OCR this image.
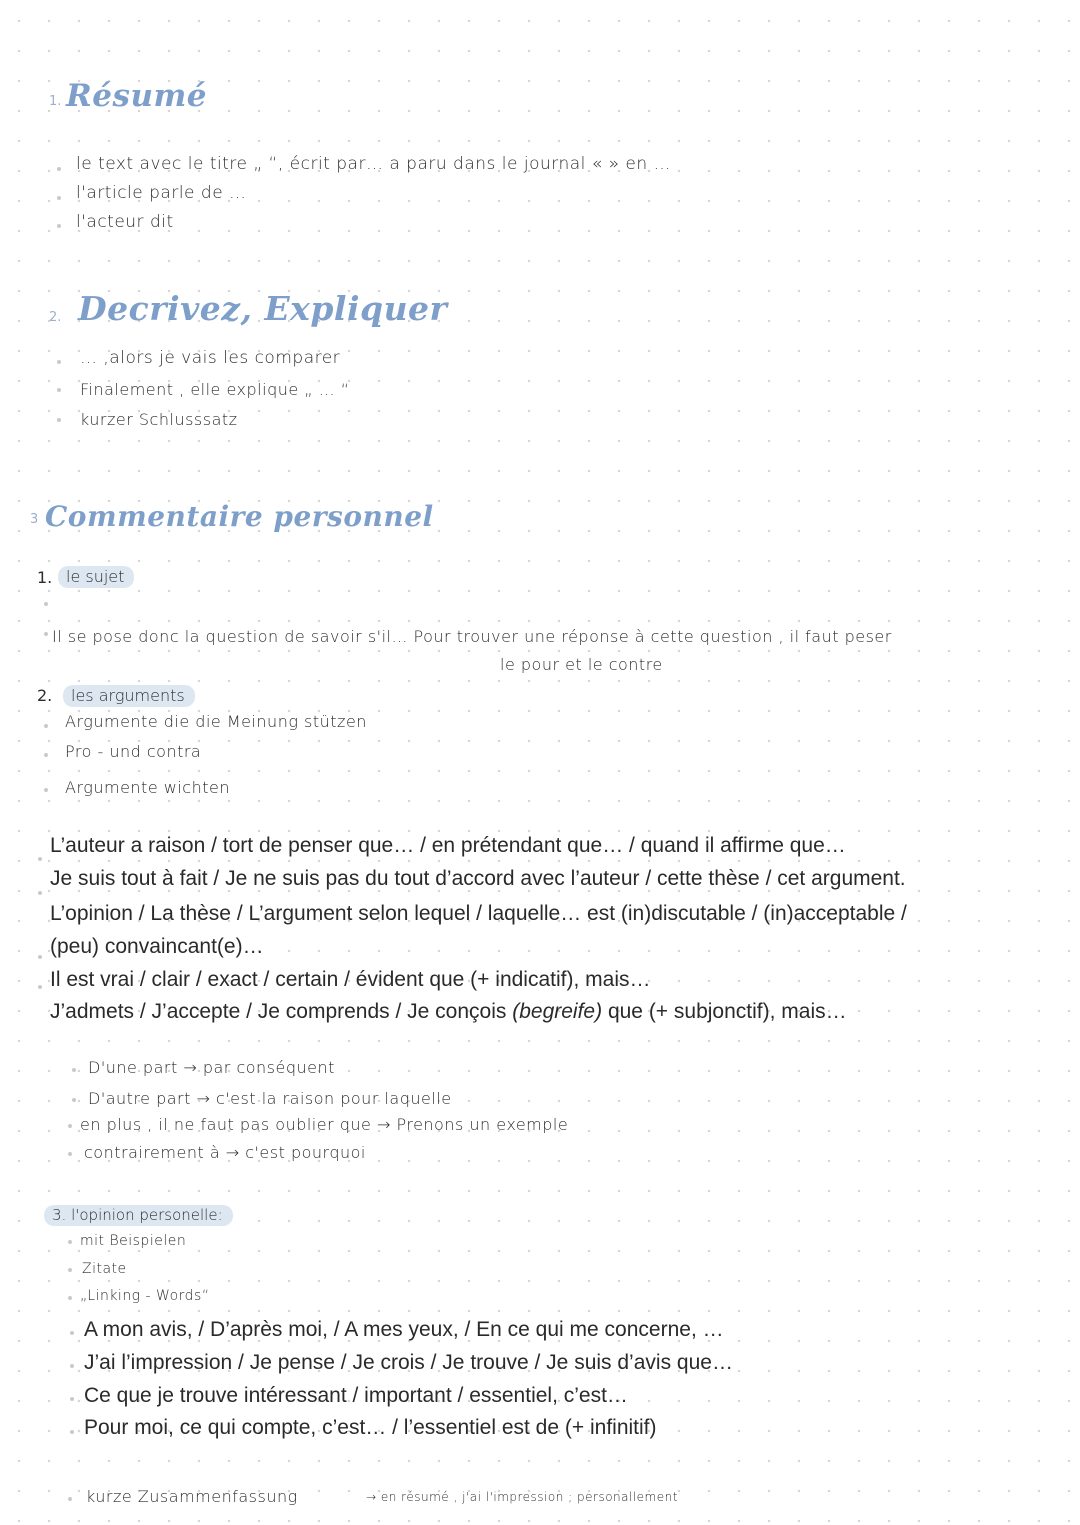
1. Résumé
le text avec le titre „ “, écrit par… a paru dans le journal « » en …
l'article parle de …
l'acteur dit
2. Decrivez, Expliquer
… ,alors je vais les comparer
Finalement , elle explique „ … “
kurzer Schlusssatz
3 Commentaire personnel
1. le sujet
Il se pose donc la question de savoir s'il… Pour trouver une réponse à cette question , il faut peser
le pour et le contre
2.	les arguments
Argumente die die Meinung stützen
Pro - und contra
Argumente wichten
L’auteur a raison / tort de penser que… / en prétendant que… / quand il affirme que…
Je suis tout à fait / Je ne suis pas du tout d’accord avec l’auteur / cette thèse / cet argument.
L’opinion / La thèse / L’argument selon lequel / laquelle… est (in)discutable / (in)acceptable /
(peu) convaincant(e)…
Il est vrai / clair / exact / certain / évident que (+ indicatif), mais…
J’admets / J’accepte / Je comprends / Je conçois (begreife) que (+ subjonctif), mais…
D'une part → par conséquent
D'autre part → c'est la raison pour laquelle
en plus , il ne faut pas oublier que → Prenons un exemple
contrairement à → c'est pourquoi
3. l'opinion personelle:
mit Beispielen
Zitate
„Linking - Words“
A mon avis, / D’après moi, / A mes yeux, / En ce qui me concerne, …
J’ai l’impression / Je pense / Je crois / Je trouve / Je suis d’avis que…
Ce que je trouve intéressant / important / essentiel, c’est…
Pour moi, ce qui compte, c’est… / l’essentiel est de (+ infinitif)
kurze Zusammenfassung	→ en résumé , j'ai l'impression ; personallement
